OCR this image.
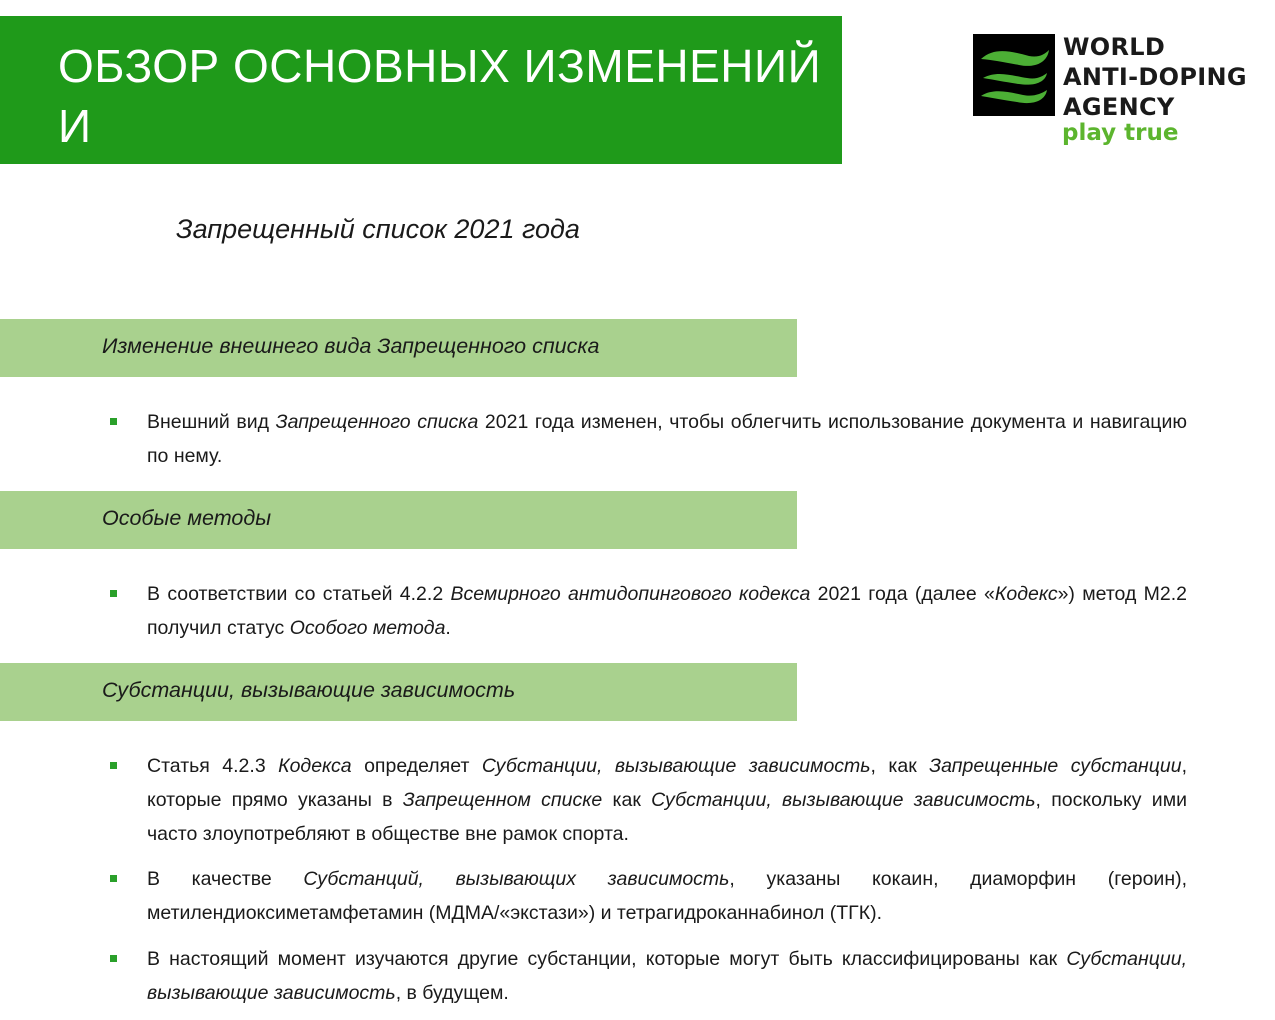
ОБЗОР ОСНОВНЫХ ИЗМЕНЕНИЙ И
ПОЯСНИТЕЛЬНАЯ ЗАПИСКА
WORLD
ANTI-DOPING
AGENCY
play true
Запрещенный список 2021 года
Изменение внешнего вида Запрещенного списка

Внешний вид Запрещенного списка 2021 года изменен, чтобы облегчить использование документа и навигацию по нему.

Особые методы

В соответствии со статьей 4.2.2 Всемирного антидопингового кодекса 2021 года (далее «Кодекс») метод М2.2 получил статус Особого метода.

Субстанции, вызывающие зависимость

Статья 4.2.3 Кодекса определяет Субстанции, вызывающие зависимость, как Запрещенные субстанции, которые прямо указаны в Запрещенном списке как Субстанции, вызывающие зависимость, поскольку ими часто злоупотребляют в обществе вне рамок спорта.

В качестве Субстанций, вызывающих зависимость, указаны кокаин, диаморфин (героин), метилендиоксиметамфетамин (МДМА/«экстази») и тетрагидроканнабинол (ТГК).

В настоящий момент изучаются другие субстанции, которые могут быть классифицированы как Субстанции, вызывающие зависимость, в будущем.
